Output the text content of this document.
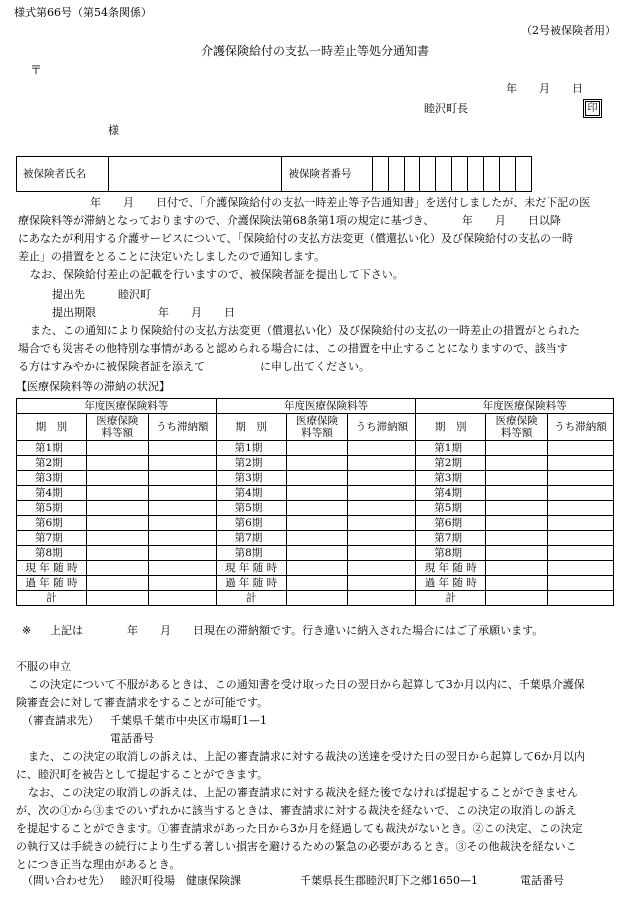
様式第66号（第54条関係）
（2号被保険者用）
介護保険給付の支払一時差止等処分通知書
〒
年　　月　　日
睦沢町長	印
様
被保険者氏名		被保険者番号										
年　　月　　日付で、「介護保険給付の支払一時差止等予告通知書」を送付しましたが、未だ下記の医
療保険料等が滞納となっておりますので、介護保険法第68条第1項の規定に基づき、　　　年　　月　　日以降
にあなたが利用する介護サービスについて、「保険給付の支払方法変更（償還払い化）及び保険給付の支払の一時
差止」の措置をとることに決定いたしましたので通知します。
なお、保険給付差止の記載を行いますので、被保険者証を提出して下さい。
提出先	睦沢町
提出期限	年　　月　　日
また、この通知により保険給付の支払方法変更（償還払い化）及び保険給付の支払の一時差止の措置がとられた
場合でも災害その他特別な事情があると認められる場合には、この措置を中止することになりますので、該当す
る方はすみやかに被保険者証を添えて　　　　　に申し出てください。
【医療保険料等の滞納の状況】
年度医療保険料等			年度医療保険料等			年度医療保険料等		
期　別	医療保険料等額	うち滞納額	期　別	医療保険料等額	うち滞納額	期　別	医療保険料等額	うち滞納額
第1期			第1期			第1期		
第2期			第2期			第2期		
第3期			第3期			第3期		
第4期			第4期			第4期		
第5期			第5期			第5期		
第6期			第6期			第6期		
第7期			第7期			第7期		
第8期			第8期			第8期		
現 年 随 時			現 年 随 時			現 年 随 時		
過 年 随 時			過 年 随 時			過 年 随 時		
計			計			計		
※ 上記は　　　　年　　月　　日現在の滞納額です。行き違いに納入された場合にはご了承願います。
不服の申立
この決定について不服があるときは、この通知書を受け取った日の翌日から起算して3か月以内に、千葉県介護保
険審査会に対して審査請求をすることが可能です。
（審査請求先） 千葉県千葉市中央区市場町1—1
電話番号
また、この決定の取消しの訴えは、上記の審査請求に対する裁決の送達を受けた日の翌日から起算して6か月以内
に、睦沢町を被告として提起することができます。
なお、この決定の取消しの訴えは、上記の審査請求に対する裁決を経た後でなければ提起することができません
が、次の①から③までのいずれかに該当するときは、審査請求に対する裁決を経ないで、この決定の取消しの訴え
を提起することができます。①審査請求があった日から3か月を経過しても裁決がないとき。②この決定、この決定
の執行又は手続きの続行により生ずる著しい損害を避けるための緊急の必要があるとき。③その他裁決を経ないこ
とにつき正当な理由があるとき。
（問い合わせ先） 睦沢町役場　健康保険課	千葉県長生郡睦沢町下之郷1650—1	電話番号
